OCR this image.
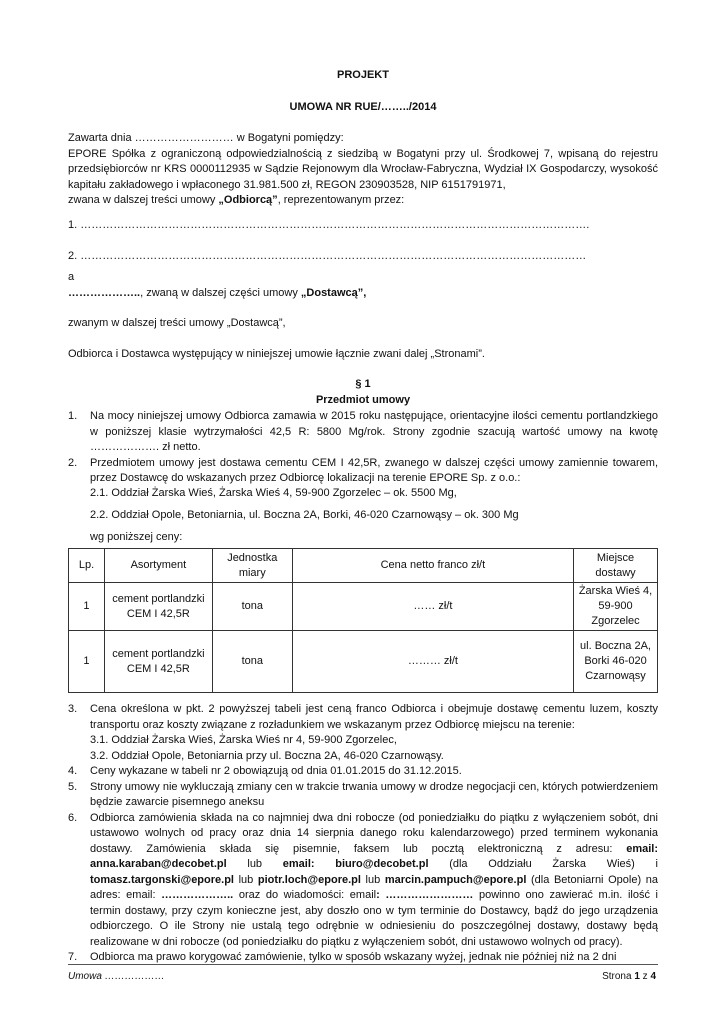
PROJEKT

UMOWA NR RUE/……../2014

Zawarta dnia ……………………… w Bogatyni pomiędzy:

EPORE Spółka z ograniczoną odpowiedzialnością z siedzibą w Bogatyni przy ul. Środkowej 7, wpisaną do rejestru przedsiębiorców nr KRS 0000112935 w Sądzie Rejonowym dla Wrocław-Fabryczna, Wydział IX Gospodarczy, wysokość kapitału zakładowego i wpłaconego 31.981.500 zł, REGON 230903528, NIP 6151791971,

zwana w dalszej treści umowy „Odbiorcą”, reprezentowanym przez:

1. ………………………………………………………………………………………………………………………….

2. …………………………………………………………………………………………………………………………

a

……………….., zwaną w dalszej części umowy „Dostawcą”,

zwanym w dalszej treści umowy „Dostawcą”,

Odbiorca i Dostawca występujący w niniejszej umowie łącznie zwani dalej „Stronami”.

§ 1

Przedmiot umowy

1. Na mocy niniejszej umowy Odbiorca zamawia w 2015 roku następujące, orientacyjne ilości cementu portlandzkiego w poniższej klasie wytrzymałości 42,5 R: 5800 Mg/rok. Strony zgodnie szacują wartość umowy na kwotę ………………. zł netto.
2. Przedmiotem umowy jest dostawa cementu CEM I 42,5R, zwanego w dalszej części umowy zamiennie towarem, przez Dostawcę do wskazanych przez Odbiorcę lokalizacji na terenie EPORE Sp. z o.o.:

2.1. Oddział Żarska Wieś, Żarska Wieś 4, 59-900 Zgorzelec – ok. 5500 Mg,

2.2. Oddział Opole, Betoniarnia, ul. Boczna 2A, Borki, 46-020 Czarnowąsy – ok. 300 Mg

wg poniższej ceny:

Lp.	Asortyment	Jednostka miary	Cena netto franco zł/t	Miejsce dostawy
1	cement portlandzki CEM I 42,5R	tona	…… zł/t	Żarska Wieś 4, 59-900 Zgorzelec
1	cement portlandzki CEM I 42,5R	tona	……… zł/t	ul. Boczna 2A, Borki 46-020 Czarnowąsy
3. Cena określona w pkt. 2 powyższej tabeli jest ceną franco Odbiorca i obejmuje dostawę cementu luzem, koszty transportu oraz koszty związane z rozładunkiem we wskazanym przez Odbiorcę miejscu na terenie:
3.1. Oddział Żarska Wieś, Żarska Wieś nr 4, 59-900 Zgorzelec,
3.2. Oddział Opole, Betoniarnia przy ul. Boczna 2A, 46-020 Czarnowąsy.
4. Ceny wykazane w tabeli nr 2 obowiązują od dnia 01.01.2015 do 31.12.2015.
5. Strony umowy nie wykluczają zmiany cen w trakcie trwania umowy w drodze negocjacji cen, których potwierdzeniem będzie zawarcie pisemnego aneksu
6. Odbiorca zamówienia składa na co najmniej dwa dni robocze (od poniedziałku do piątku z wyłączeniem sobót, dni ustawowo wolnych od pracy oraz dnia 14 sierpnia danego roku kalendarzowego) przed terminem wykonania dostawy. Zamówienia składa się pisemnie, faksem lub pocztą elektroniczną z adresu: email: anna.karaban@decobet.pl lub email: biuro@decobet.pl (dla Oddziału Żarska Wieś) i tomasz.targonski@epore.pl lub piotr.loch@epore.pl lub marcin.pampuch@epore.pl (dla Betoniarni Opole) na adres: email: ……………….. oraz do wiadomości: email: …………………… powinno ono zawierać m.in. ilość i termin dostawy, przy czym konieczne jest, aby doszło ono w tym terminie do Dostawcy, bądź do jego urządzenia odbiorczego. O ile Strony nie ustalą tego odrębnie w odniesieniu do poszczególnej dostawy, dostawy będą realizowane w dni robocze (od poniedziałku do piątku z wyłączeniem sobót, dni ustawowo wolnych od pracy).
7. Odbiorca ma prawo korygować zamówienie, tylko w sposób wskazany wyżej, jednak nie później niż na 2 dni
Umowa ………………	Strona 1 z 4
